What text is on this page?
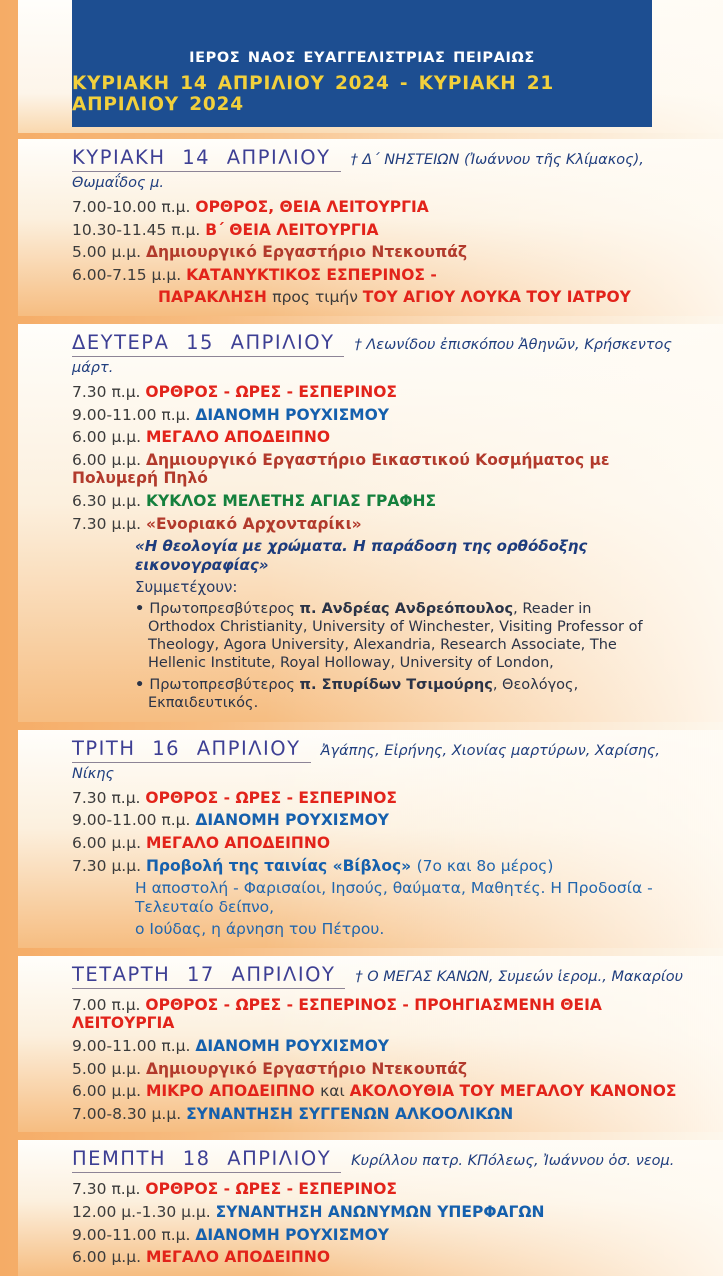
ΙΕΡΟΣ ΝΑΟΣ ΕΥΑΓΓΕΛΙΣΤΡΙΑΣ ΠΕΙΡΑΙΩΣ
ΚΥΡΙΑΚΗ 14 ΑΠΡΙΛΙΟΥ 2024 - ΚΥΡΙΑΚΗ 21 ΑΠΡΙΛΙΟΥ 2024
ΚΥΡΙΑΚΗ 14 ΑΠΡΙΛΙΟΥ † Δ΄ ΝΗΣΤΕΙΩΝ (Ἰωάννου τῆς Κλίμακος), Θωμαΐδος μ.
7.00-10.00 π.μ. ΟΡΘΡΟΣ, ΘΕΙΑ ΛΕΙΤΟΥΡΓΙΑ
10.30-11.45 π.μ. Β΄ ΘΕΙΑ ΛΕΙΤΟΥΡΓΙΑ
5.00 μ.μ. Δημιουργικό Εργαστήριο Ντεκουπάζ
6.00-7.15 μ.μ. ΚΑΤΑΝΥΚΤΙΚΟΣ ΕΣΠΕΡΙΝΟΣ -
ΠΑΡΑΚΛΗΣΗ προς τιμήν ΤΟΥ ΑΓΙΟΥ ΛΟΥΚΑ ΤΟΥ ΙΑΤΡΟΥ
ΔΕΥΤΕΡΑ 15 ΑΠΡΙΛΙΟΥ † Λεωνίδου ἐπισκόπου Ἀθηνῶν, Κρήσκεντος μάρτ.
7.30 π.μ. ΟΡΘΡΟΣ - ΩΡΕΣ - ΕΣΠΕΡΙΝΟΣ
9.00-11.00 π.μ. ΔΙΑΝΟΜΗ ΡΟΥΧΙΣΜΟΥ
6.00 μ.μ. ΜΕΓΑΛΟ ΑΠΟΔΕΙΠΝΟ
6.00 μ.μ. Δημιουργικό Εργαστήριο Εικαστικού Κοσμήματος με Πολυμερή Πηλό
6.30 μ.μ. ΚΥΚΛΟΣ ΜΕΛΕΤΗΣ ΑΓΙΑΣ ΓΡΑΦΗΣ
7.30 μ.μ. «Ενοριακό Αρχονταρίκι»
«Η θεολογία με χρώματα. Η παράδοση της ορθόδοξης εικονογραφίας»
Συμμετέχουν:
• Πρωτοπρεσβύτερος π. Ανδρέας Ανδρεόπουλος, Reader in Orthodox Christianity, University of Winchester, Visiting Professor of Theology, Agora University, Alexandria, Research Associate, The Hellenic Institute, Royal Holloway, University of London,
• Πρωτοπρεσβύτερος π. Σπυρίδων Τσιμούρης, Θεολόγος, Εκπαιδευτικός.
ΤΡΙΤΗ 16 ΑΠΡΙΛΙΟΥ Ἀγάπης, Εἰρήνης, Χιονίας μαρτύρων, Χαρίσης, Νίκης
7.30 π.μ. ΟΡΘΡΟΣ - ΩΡΕΣ - ΕΣΠΕΡΙΝΟΣ
9.00-11.00 π.μ. ΔΙΑΝΟΜΗ ΡΟΥΧΙΣΜΟΥ
6.00 μ.μ. ΜΕΓΑΛΟ ΑΠΟΔΕΙΠΝΟ
7.30 μ.μ. Προβολή της ταινίας «Βίβλος» (7ο και 8ο μέρος)
Η αποστολή - Φαρισαίοι, Ιησούς, θαύματα, Μαθητές. Η Προδοσία - Τελευταίο δείπνο,
ο Ιούδας, η άρνηση του Πέτρου.
ΤΕΤΑΡΤΗ 17 ΑΠΡΙΛΙΟΥ † Ο ΜΕΓΑΣ ΚΑΝΩΝ, Συμεών ἱερομ., Μακαρίου
7.00 π.μ. ΟΡΘΡΟΣ - ΩΡΕΣ - ΕΣΠΕΡΙΝΟΣ - ΠΡΟΗΓΙΑΣΜΕΝΗ ΘΕΙΑ ΛΕΙΤΟΥΡΓΙΑ
9.00-11.00 π.μ. ΔΙΑΝΟΜΗ ΡΟΥΧΙΣΜΟΥ
5.00 μ.μ. Δημιουργικό Εργαστήριο Ντεκουπάζ
6.00 μ.μ. ΜΙΚΡΟ ΑΠΟΔΕΙΠΝΟ και ΑΚΟΛΟΥΘΙΑ ΤΟΥ ΜΕΓΑΛΟΥ ΚΑΝΟΝΟΣ
7.00-8.30 μ.μ. ΣΥΝΑΝΤΗΣΗ ΣΥΓΓΕΝΩΝ ΑΛΚΟΟΛΙΚΩΝ
ΠΕΜΠΤΗ 18 ΑΠΡΙΛΙΟΥ Κυρίλλου πατρ. ΚΠόλεως, Ἰωάννου ὁσ. νεομ.
7.30 π.μ. ΟΡΘΡΟΣ - ΩΡΕΣ - ΕΣΠΕΡΙΝΟΣ
12.00 μ.-1.30 μ.μ. ΣΥΝΑΝΤΗΣΗ ΑΝΩΝΥΜΩΝ ΥΠΕΡΦΑΓΩΝ
9.00-11.00 π.μ. ΔΙΑΝΟΜΗ ΡΟΥΧΙΣΜΟΥ
6.00 μ.μ. ΜΕΓΑΛΟ ΑΠΟΔΕΙΠΝΟ
